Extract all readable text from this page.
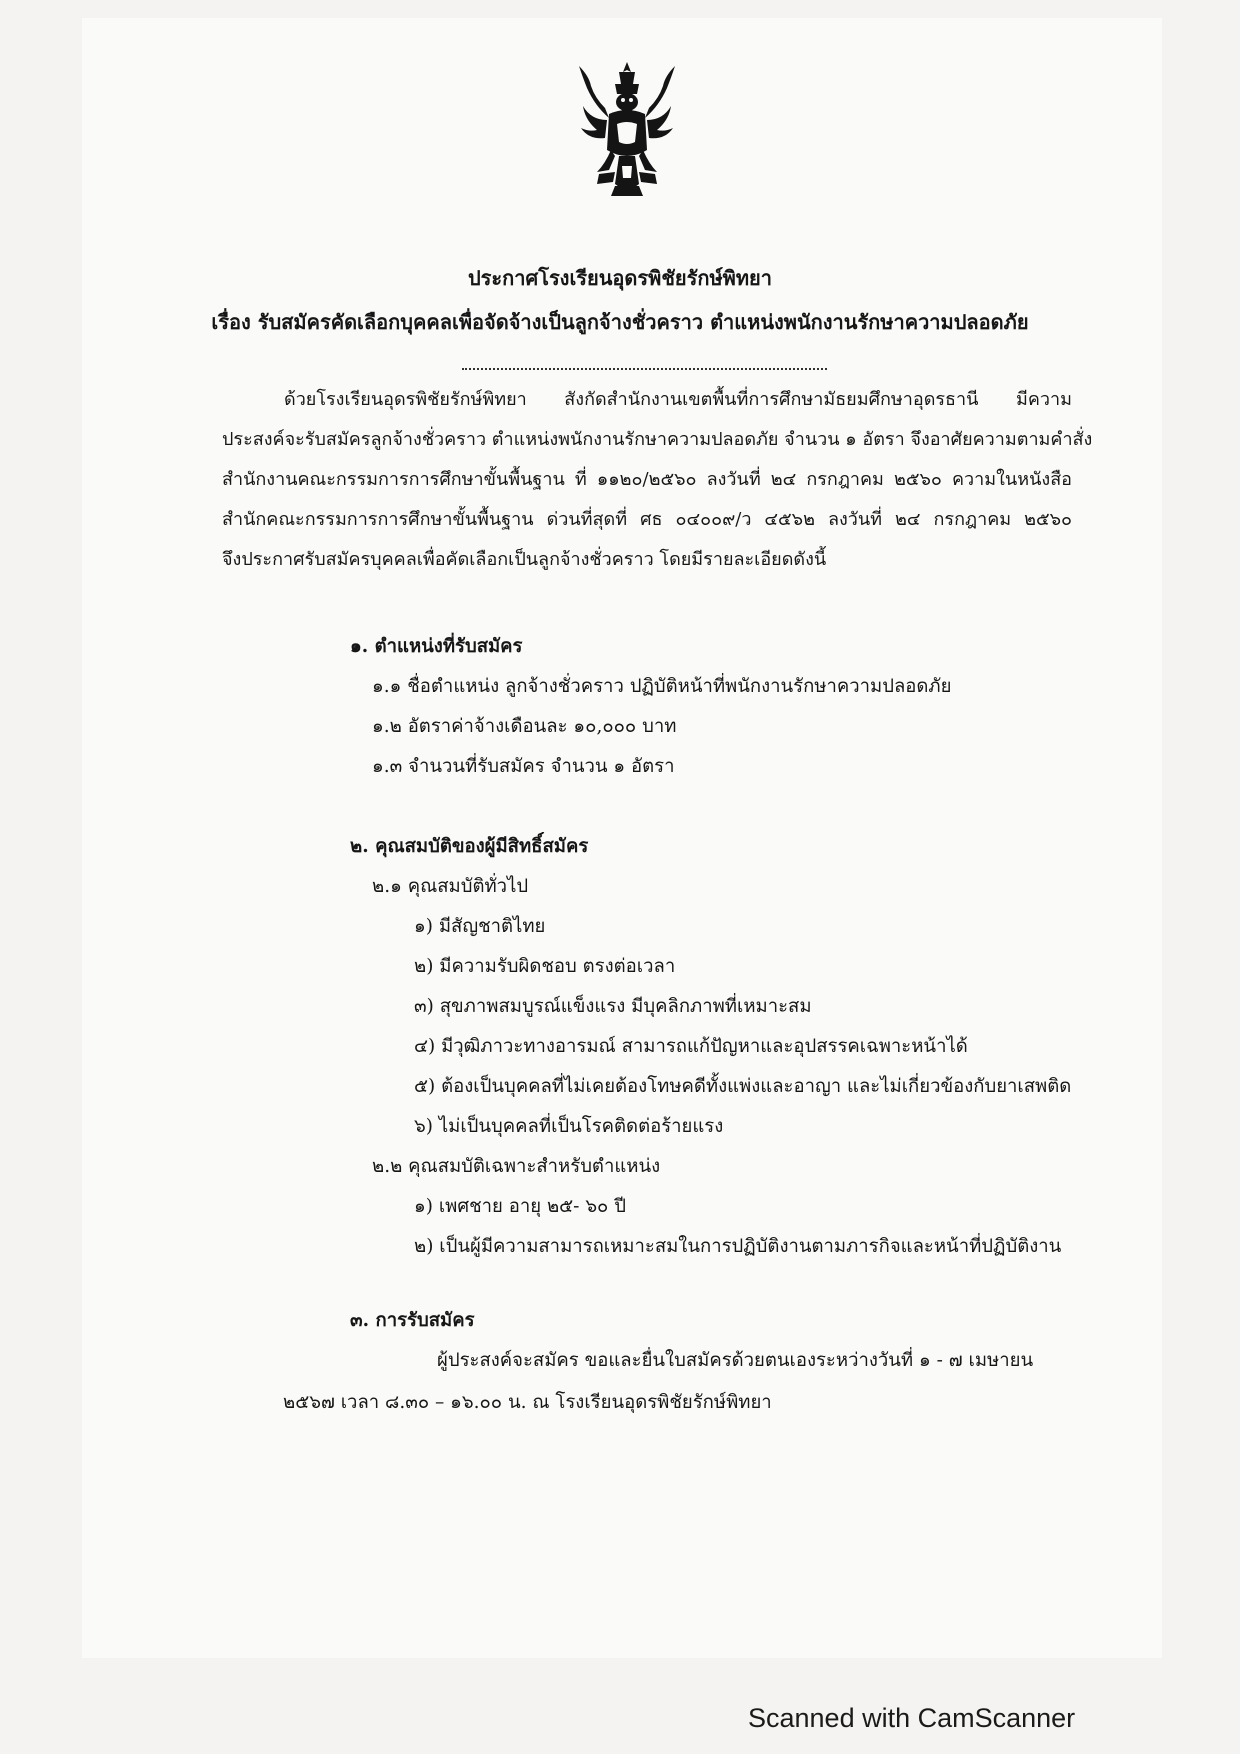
ประกาศโรงเรียนอุดรพิชัยรักษ์พิทยา
เรื่อง รับสมัครคัดเลือกบุคคลเพื่อจัดจ้างเป็นลูกจ้างชั่วคราว ตำแหน่งพนักงานรักษาความปลอดภัย
ด้วยโรงเรียนอุดรพิชัยรักษ์พิทยา สังกัดสำนักงานเขตพื้นที่การศึกษามัธยมศึกษาอุดรธานี มีความ
ประสงค์จะรับสมัครลูกจ้างชั่วคราว ตำแหน่งพนักงานรักษาความปลอดภัย จำนวน ๑ อัตรา จึงอาศัยความตามคำสั่ง
สำนักงานคณะกรรมการการศึกษาขั้นพื้นฐาน ที่ ๑๑๒๐/๒๕๖๐ ลงวันที่ ๒๔ กรกฎาคม ๒๕๖๐ ความในหนังสือ
สำนักคณะกรรมการการศึกษาขั้นพื้นฐาน ด่วนที่สุดที่ ศธ ๐๔๐๐๙/ว ๔๕๖๒ ลงวันที่ ๒๔ กรกฎาคม ๒๕๖๐
จึงประกาศรับสมัครบุคคลเพื่อคัดเลือกเป็นลูกจ้างชั่วคราว โดยมีรายละเอียดดังนี้
๑. ตำแหน่งที่รับสมัคร
๑.๑ ชื่อตำแหน่ง ลูกจ้างชั่วคราว ปฏิบัติหน้าที่พนักงานรักษาความปลอดภัย
๑.๒ อัตราค่าจ้างเดือนละ ๑๐,๐๐๐ บาท
๑.๓ จำนวนที่รับสมัคร จำนวน ๑ อัตรา
๒. คุณสมบัติของผู้มีสิทธิ์สมัคร
๒.๑ คุณสมบัติทั่วไป
๑) มีสัญชาติไทย
๒) มีความรับผิดชอบ ตรงต่อเวลา
๓) สุขภาพสมบูรณ์แข็งแรง มีบุคลิกภาพที่เหมาะสม
๔) มีวุฒิภาวะทางอารมณ์ สามารถแก้ปัญหาและอุปสรรคเฉพาะหน้าได้
๕) ต้องเป็นบุคคลที่ไม่เคยต้องโทษคดีทั้งแพ่งและอาญา และไม่เกี่ยวข้องกับยาเสพติด
๖) ไม่เป็นบุคคลที่เป็นโรคติดต่อร้ายแรง
๒.๒ คุณสมบัติเฉพาะสำหรับตำแหน่ง
๑) เพศชาย อายุ ๒๕- ๖๐ ปี
๒) เป็นผู้มีความสามารถเหมาะสมในการปฏิบัติงานตามภารกิจและหน้าที่ปฏิบัติงาน
๓. การรับสมัคร
ผู้ประสงค์จะสมัคร ขอและยื่นใบสมัครด้วยตนเองระหว่างวันที่ ๑ - ๗ เมษายน
๒๕๖๗ เวลา ๘.๓๐ – ๑๖.๐๐ น. ณ โรงเรียนอุดรพิชัยรักษ์พิทยา
Scanned with CamScanner
